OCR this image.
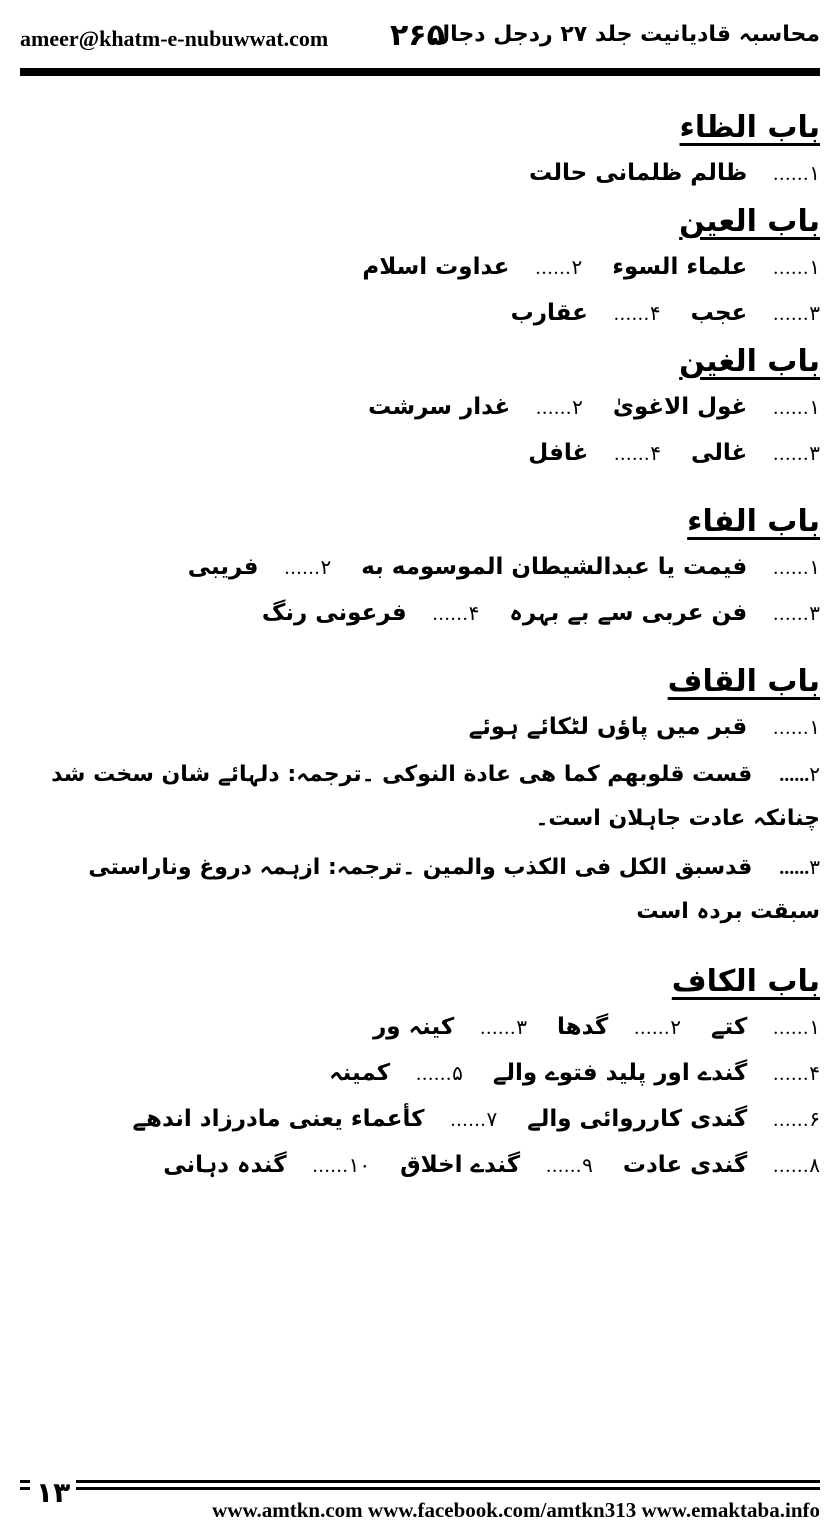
ameer@khatm-e-nubuwwat.com ۲۶۵
محاسبہ قادیانیت جلد ۲۷ ردجل دجال
باب الظاء
۱
......
ظالم ظلمانی حالت
باب العین
۱
......
علماء السوء
۲
......
عداوت اسلام
۳
......
عجب
۴
......
عقارب
باب الغین
۱
......
غول الاغویٰ
۲
......
غدار سرشت
۳
......
غالی
۴
......
غافل
باب الفاء
۱
......
فیمت یا عبدالشیطان الموسومه به
۲
......
فریبی
۳
......
فن عربی سے بے بہرہ
۴
......
فرعونی رنگ
باب القاف
۱
......
قبر میں پاؤں لٹکائے ہوئے
۲......   قست قلوبهم كما هى عادة النوكى ۔ترجمہ: دلہائے شان سخت شد چنانکہ عادت جاہلان است۔
۳......   قدسبق الكل فى الكذب والمين ۔ترجمہ: ازہمہ دروغ وناراستی سبقت بردہ است
باب الکاف
۱
......
کتے
۲
......
گدھا
۳
......
کینہ ور
۴
......
گندے اور پلید فتوے والے
۵
......
کمینہ
۶
......
گندی کارروائی والے
۷
......
کأعماء یعنی مادرزاد اندھے
۸
......
گندی عادت
۹
......
گندے اخلاق
۱۰
......
گندہ دہانی
۱۳
www.amtkn.com www.facebook.com/amtkn313 www.emaktaba.info
